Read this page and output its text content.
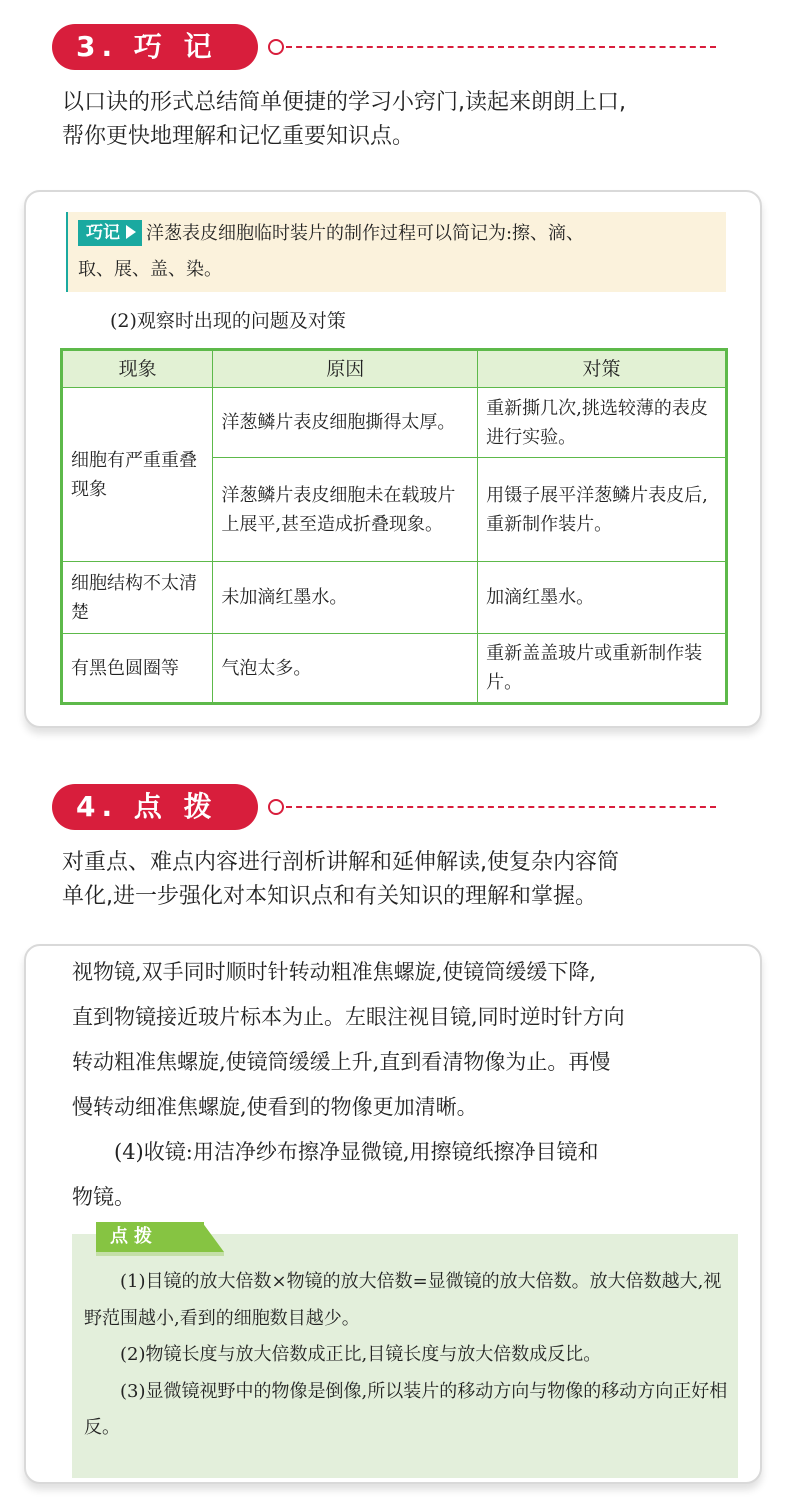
3. 巧 记
以口诀的形式总结简单便捷的学习小窍门,读起来朗朗上口,
帮你更快地理解和记忆重要知识点。
巧记 洋葱表皮细胞临时装片的制作过程可以简记为:擦、滴、
取、展、盖、染。
(2)观察时出现的问题及对策
现象	原因	对策
细胞有严重重叠现象	洋葱鳞片表皮细胞撕得太厚。	重新撕几次,挑选较薄的表皮进行实验。
	洋葱鳞片表皮细胞未在载玻片上展平,甚至造成折叠现象。	用镊子展平洋葱鳞片表皮后,重新制作装片。
细胞结构不太清楚	未加滴红墨水。	加滴红墨水。
有黑色圆圈等	气泡太多。	重新盖盖玻片或重新制作装片。
4. 点 拨
对重点、难点内容进行剖析讲解和延伸解读,使复杂内容简
单化,进一步强化对本知识点和有关知识的理解和掌握。
视物镜,双手同时顺时针转动粗准焦螺旋,使镜筒缓缓下降,
直到物镜接近玻片标本为止。左眼注视目镜,同时逆时针方向
转动粗准焦螺旋,使镜筒缓缓上升,直到看清物像为止。再慢
慢转动细准焦螺旋,使看到的物像更加清晰。
(4)收镜:用洁净纱布擦净显微镜,用擦镜纸擦净目镜和
物镜。
点拨
(1)目镜的放大倍数×物镜的放大倍数=显微镜的放大倍数。放大倍数越大,视野范围越小,看到的细胞数目越少。
(2)物镜长度与放大倍数成正比,目镜长度与放大倍数成反比。
(3)显微镜视野中的物像是倒像,所以装片的移动方向与物像的移动方向正好相反。
